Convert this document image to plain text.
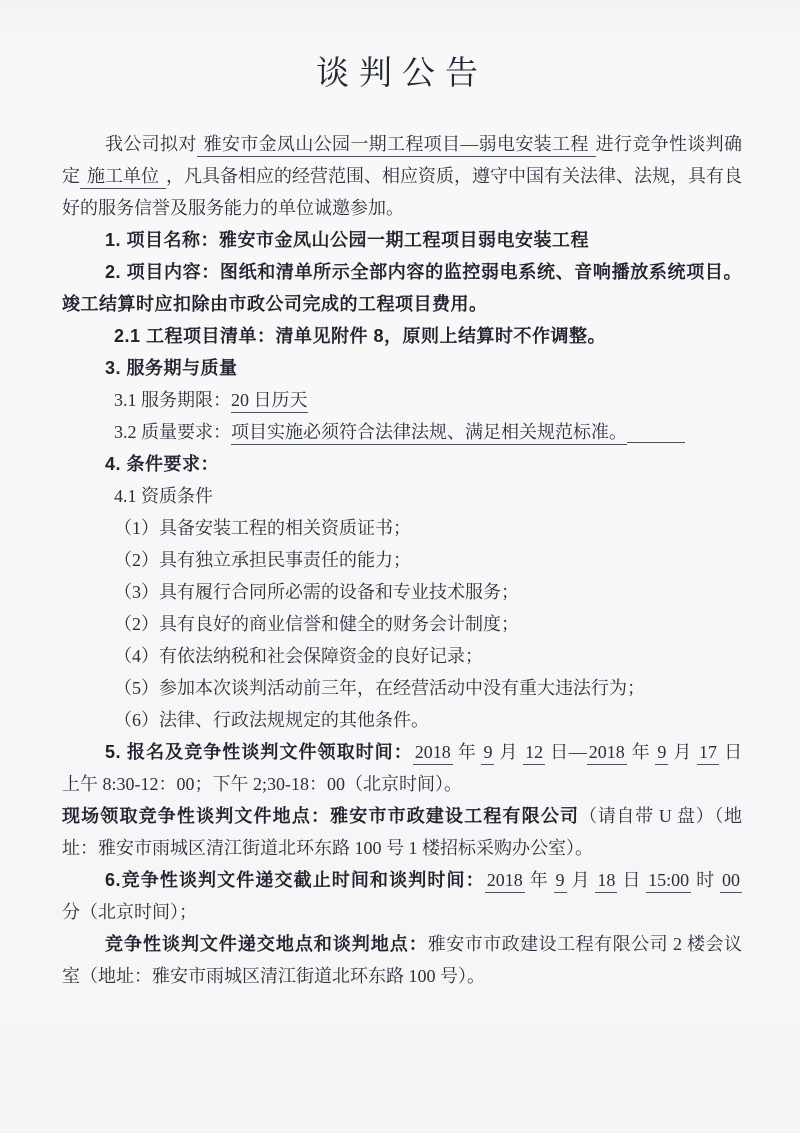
谈判公告

我公司拟对 雅安市金凤山公园一期工程项目—弱电安装工程 进行竞争性谈判确定 施工单位 ，凡具备相应的经营范围、相应资质，遵守中国有关法律、法规，具有良好的服务信誉及服务能力的单位诚邀参加。

1. 项目名称：雅安市金凤山公园一期工程项目弱电安装工程

2. 项目内容：图纸和清单所示全部内容的监控弱电系统、音响播放系统项目。竣工结算时应扣除由市政公司完成的工程项目费用。

2.1 工程项目清单：清单见附件 8，原则上结算时不作调整。

3. 服务期与质量

3.1 服务期限：20 日历天

3.2 质量要求：项目实施必须符合法律法规、满足相关规范标准。

4. 条件要求：

4.1 资质条件

（1）具备安装工程的相关资质证书；

（2）具有独立承担民事责任的能力；

（3）具有履行合同所必需的设备和专业技术服务；

（2）具有良好的商业信誉和健全的财务会计制度；

（4）有依法纳税和社会保障资金的良好记录；

（5）参加本次谈判活动前三年，在经营活动中没有重大违法行为；

（6）法律、行政法规规定的其他条件。

5. 报名及竞争性谈判文件领取时间： 2018 年 9 月 12 日— 2018 年 9 月 17 日上午 8:30-12：00；下午 2;30-18：00（北京时间）。

现场领取竞争性谈判文件地点：雅安市市政建设工程有限公司（请自带 U 盘）（地址：雅安市雨城区清江街道北环东路 100 号 1 楼招标采购办公室）。

6.竞争性谈判文件递交截止时间和谈判时间： 2018 年 9 月 18 日 15:00 时 00 分（北京时间）；

竞争性谈判文件递交地点和谈判地点：雅安市市政建设工程有限公司 2 楼会议室（地址：雅安市雨城区清江街道北环东路 100 号）。
